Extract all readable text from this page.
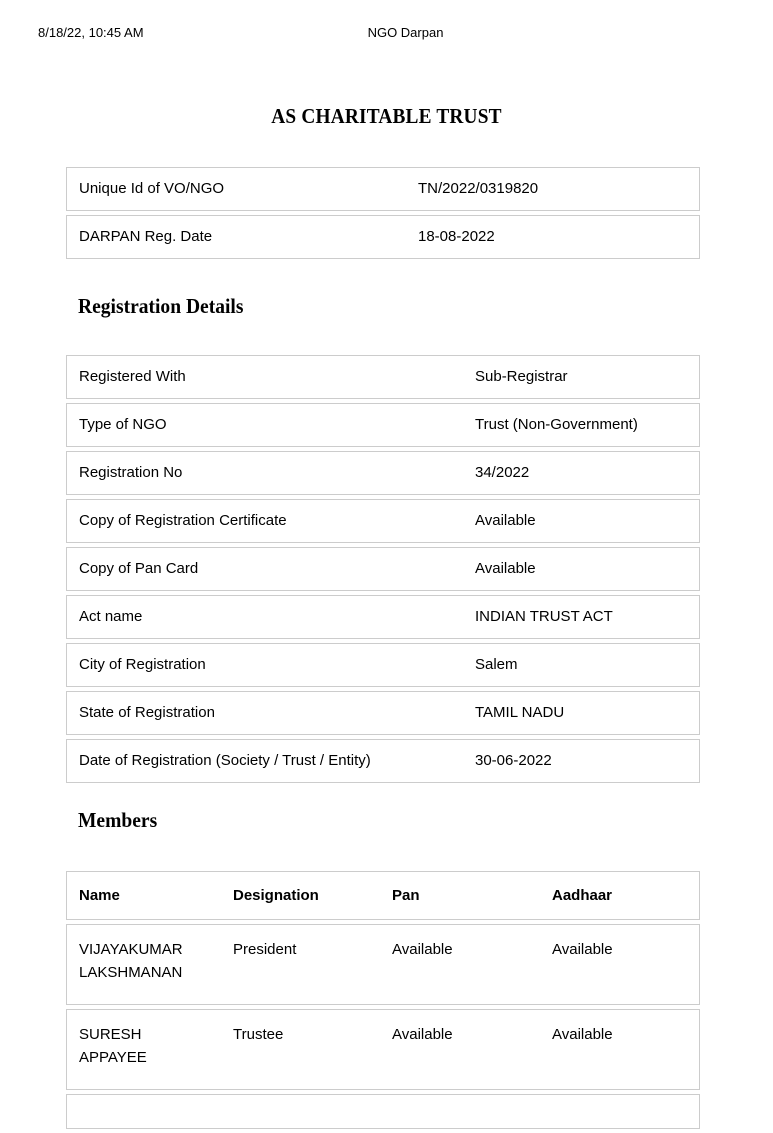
8/18/22, 10:45 AM	NGO Darpan
AS CHARITABLE TRUST
Unique Id of VO/NGO	TN/2022/0319820
DARPAN Reg. Date	18-08-2022
Registration Details
Registered With	Sub-Registrar
Type of NGO	Trust (Non-Government)
Registration No	34/2022
Copy of Registration Certificate	Available
Copy of Pan Card	Available
Act name	INDIAN TRUST ACT
City of Registration	Salem
State of Registration	TAMIL NADU
Date of Registration (Society / Trust / Entity)	30-06-2022
Members
Name	Designation	Pan	Aadhaar

VIJAYAKUMAR LAKSHMANAN	President	Available	Available

SURESH APPAYEE	Trustee	Available	Available
